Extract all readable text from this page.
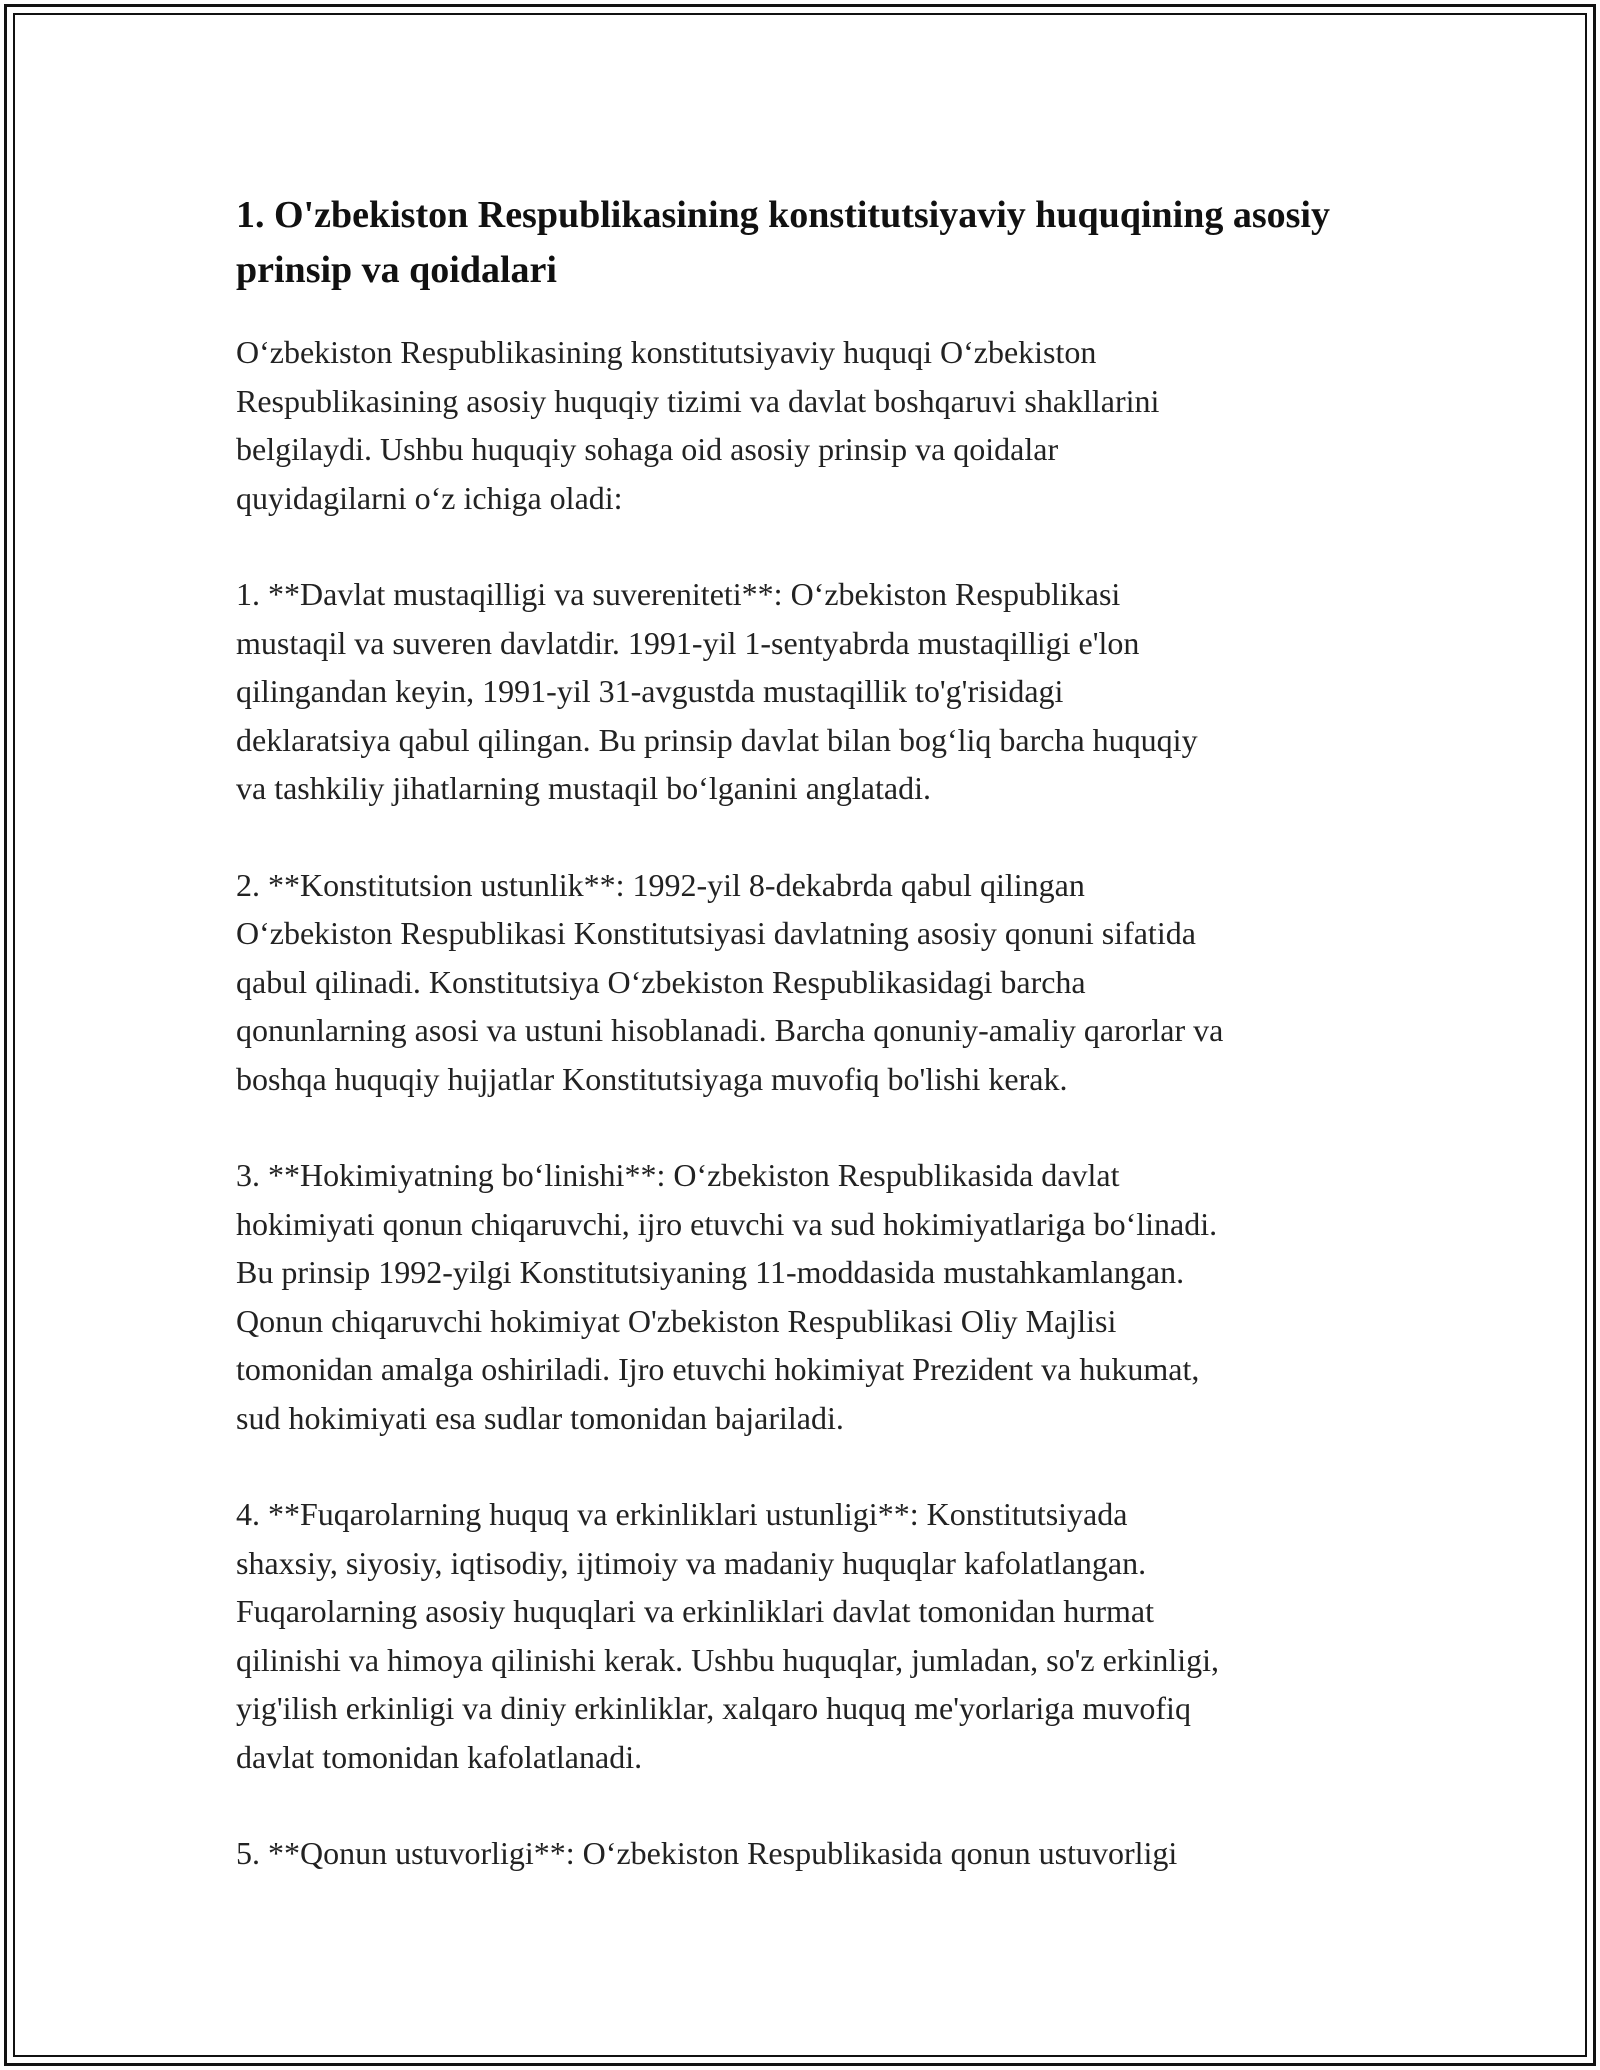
1. O'zbekiston Respublikasining konstitutsiyaviy huquqining asosiy prinsip va qoidalari

O‘zbekiston Respublikasining konstitutsiyaviy huquqi O‘zbekiston
Respublikasining asosiy huquqiy tizimi va davlat boshqaruvi shakllarini
belgilaydi. Ushbu huquqiy sohaga oid asosiy prinsip va qoidalar
quyidagilarni o‘z ichiga oladi:

1. **Davlat mustaqilligi va suvereniteti**: O‘zbekiston Respublikasi
mustaqil va suveren davlatdir. 1991-yil 1-sentyabrda mustaqilligi e'lon
qilingandan keyin, 1991-yil 31-avgustda mustaqillik to'g'risidagi
deklaratsiya qabul qilingan. Bu prinsip davlat bilan bog‘liq barcha huquqiy
va tashkiliy jihatlarning mustaqil bo‘lganini anglatadi.

2. **Konstitutsion ustunlik**: 1992-yil 8-dekabrda qabul qilingan
O‘zbekiston Respublikasi Konstitutsiyasi davlatning asosiy qonuni sifatida
qabul qilinadi. Konstitutsiya O‘zbekiston Respublikasidagi barcha
qonunlarning asosi va ustuni hisoblanadi. Barcha qonuniy-amaliy qarorlar va
boshqa huquqiy hujjatlar Konstitutsiyaga muvofiq bo'lishi kerak.

3. **Hokimiyatning bo‘linishi**: O‘zbekiston Respublikasida davlat
hokimiyati qonun chiqaruvchi, ijro etuvchi va sud hokimiyatlariga bo‘linadi.
Bu prinsip 1992-yilgi Konstitutsiyaning 11-moddasida mustahkamlangan.
Qonun chiqaruvchi hokimiyat O'zbekiston Respublikasi Oliy Majlisi
tomonidan amalga oshiriladi. Ijro etuvchi hokimiyat Prezident va hukumat,
sud hokimiyati esa sudlar tomonidan bajariladi.

4. **Fuqarolarning huquq va erkinliklari ustunligi**: Konstitutsiyada
shaxsiy, siyosiy, iqtisodiy, ijtimoiy va madaniy huquqlar kafolatlangan.
Fuqarolarning asosiy huquqlari va erkinliklari davlat tomonidan hurmat
qilinishi va himoya qilinishi kerak. Ushbu huquqlar, jumladan, so'z erkinligi,
yig'ilish erkinligi va diniy erkinliklar, xalqaro huquq me'yorlariga muvofiq
davlat tomonidan kafolatlanadi.

5. **Qonun ustuvorligi**: O‘zbekiston Respublikasida qonun ustuvorligi
